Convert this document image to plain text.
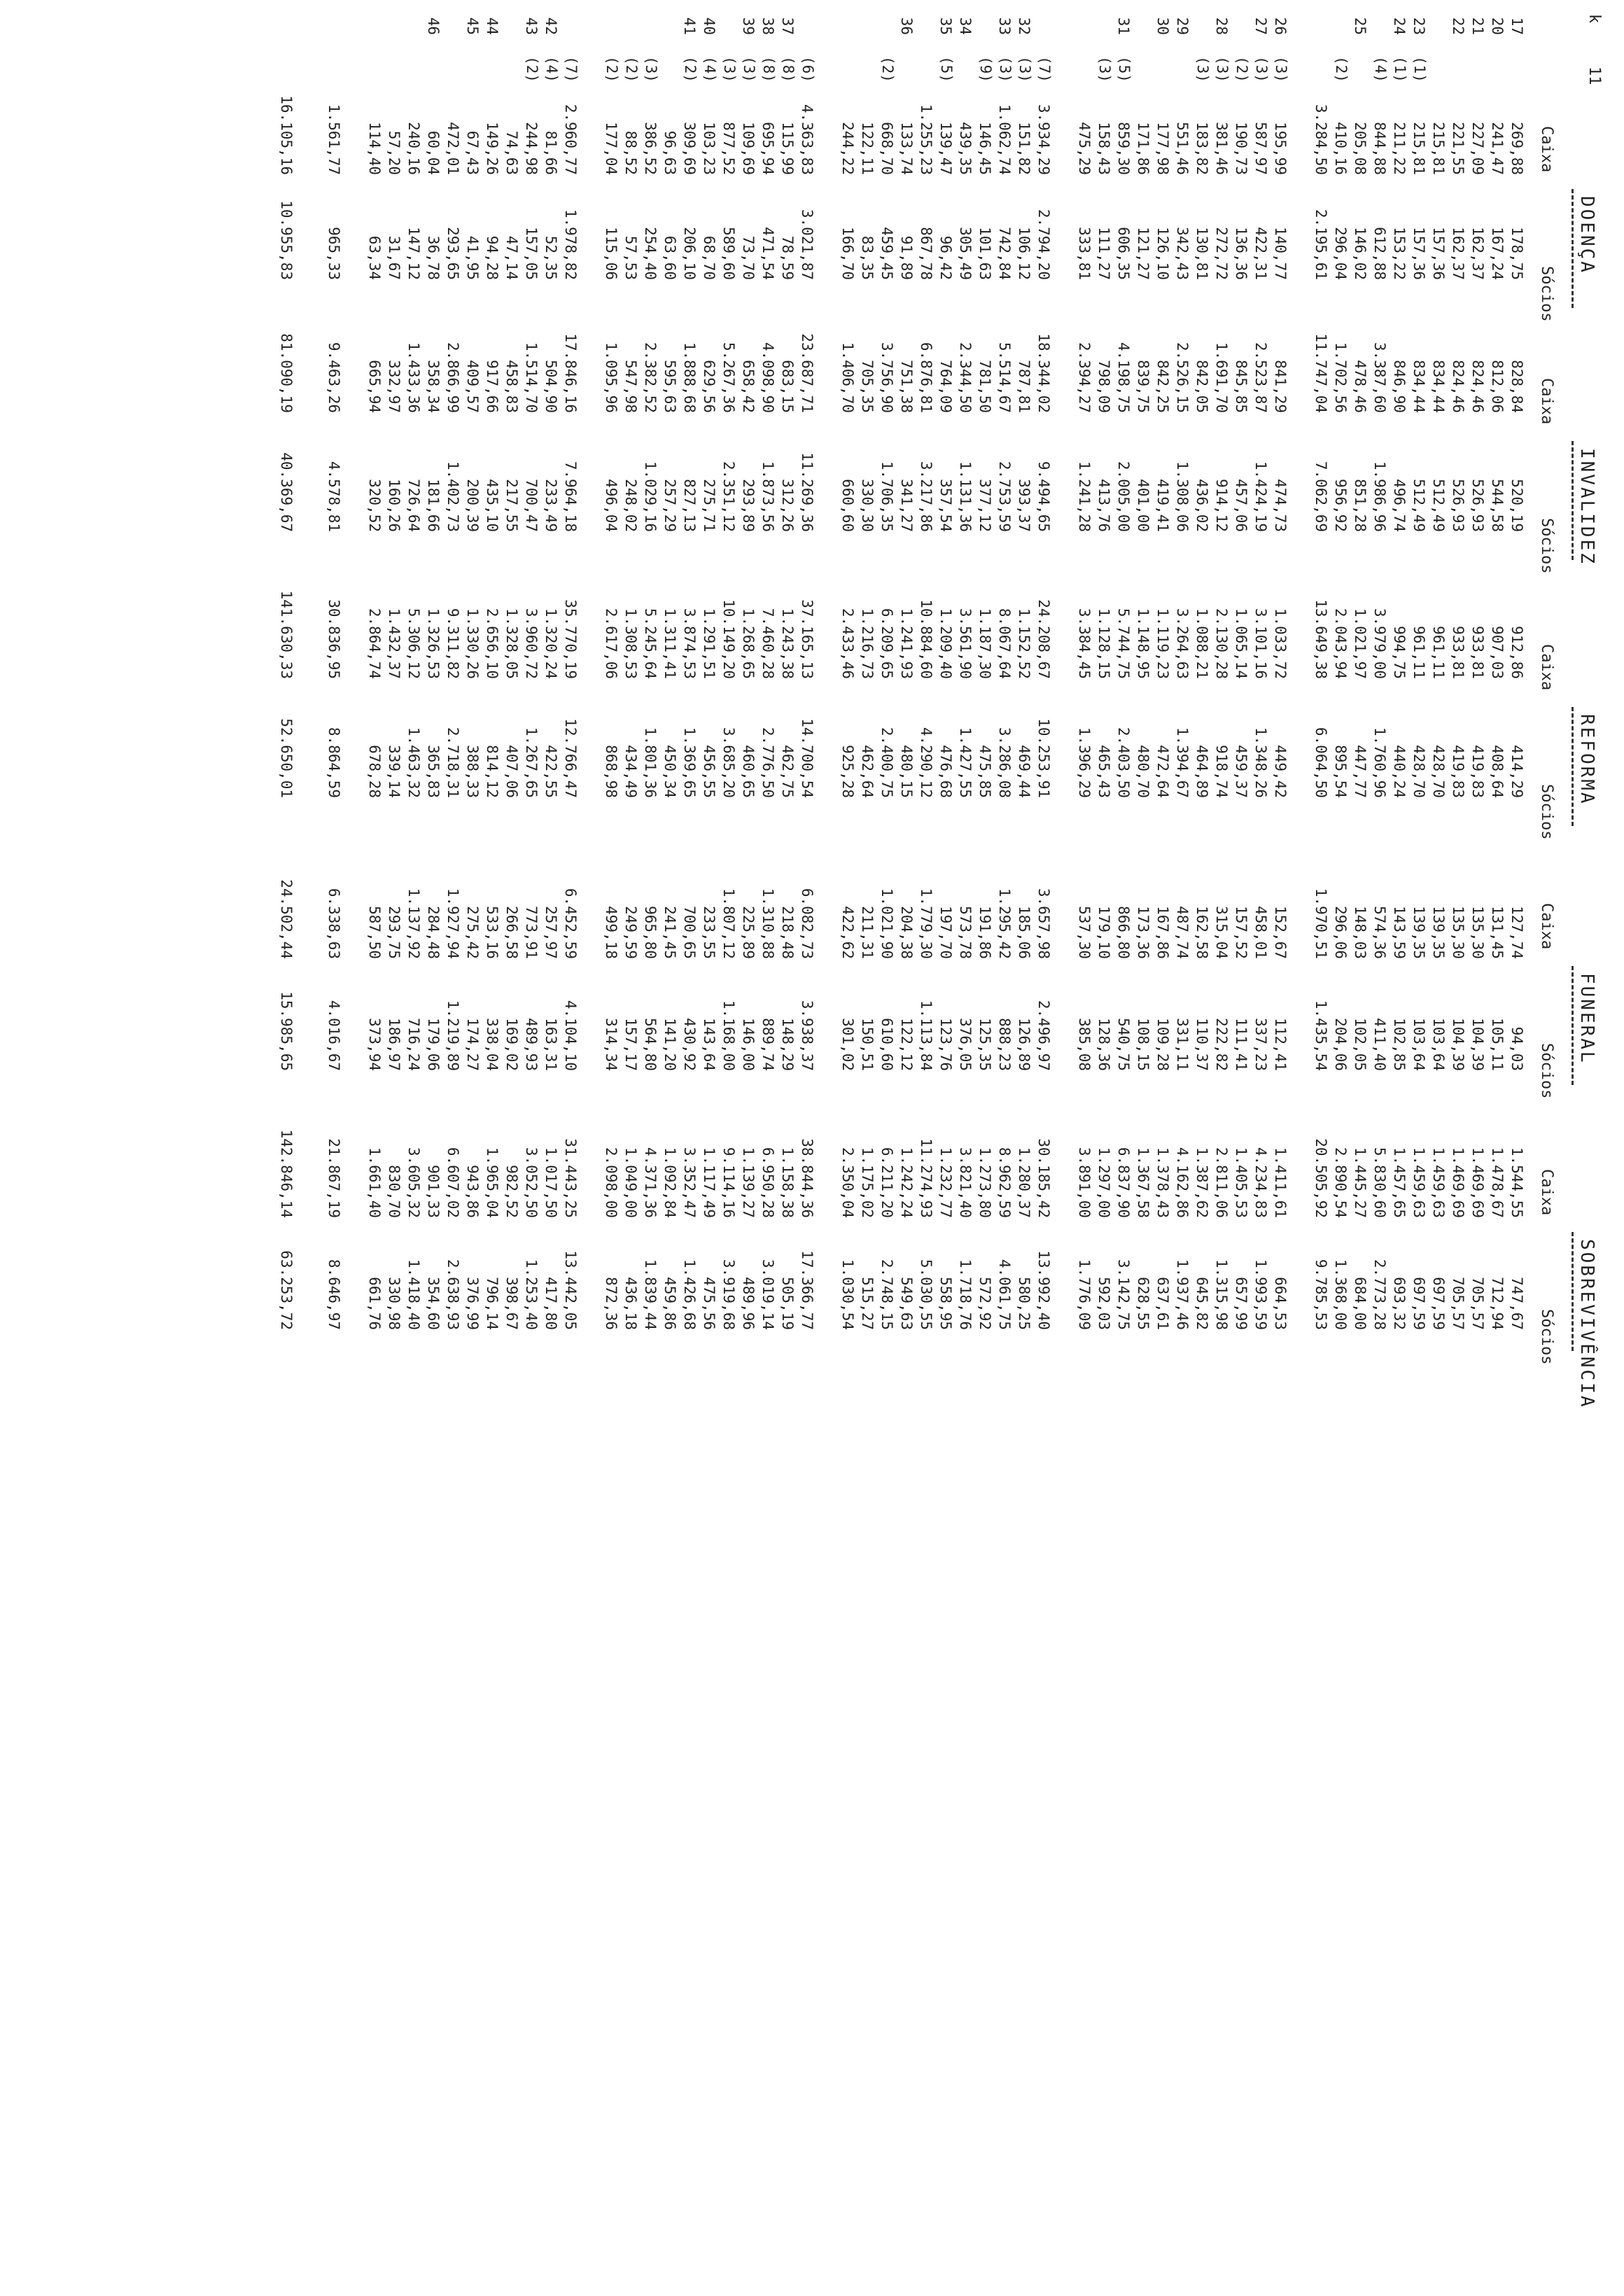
k
11
DOENÇA
Caixa
Sócios
INVALIDEZ
Caixa
Sócios
REFORMA
Caixa
Sócios
FUNERAL
Caixa
Sócios
SOBREVIVÊNCIA
Caixa
Sócios
269,88
241,47
227,09
221,55
215,81
215,81
211,22
844,88
205,08
410,16
3.284,50
195,99
587,97
190,73
381,46
183,82
551,46
177,98
171,86
859,30
158,43
475,29
3.934,29
151,82
1.062,74
146,45
439,35
139,47
1.255,23
133,74
668,70
122,11
244,22
4.363,83
115,99
695,94
109,69
877,52
103,23
309,69
96,63
386,52
88,52
177,04
2.960,77
81,66
244,98
74,63
149,26
67,43
472,01
60,04
240,16
57,20
114,40
1.561,77
16.105,16
178,75
167,24
162,37
162,37
157,36
157,36
153,22
612,88
146,02
296,04
2.195,61
140,77
422,31
136,36
272,72
130,81
342,43
126,10
121,27
606,35
111,27
333,81
2.794,20
106,12
742,84
101,63
305,49
96,42
867,78
91,89
459,45
83,35
166,70
3.021,87
78,59
471,54
73,70
589,60
68,70
206,10
63,60
254,40
57,53
115,06
1.978,82
52,35
157,05
47,14
94,28
41,95
293,65
36,78
147,12
31,67
63,34
965,33
10.955,83
828,84
812,06
824,46
824,46
834,44
834,44
846,90
3.387,60
478,46
1.702,56
11.747,04
841,29
2.523,87
845,85
1.691,70
842,05
2.526,15
842,25
839,75
4.198,75
798,09
2.394,27
18.344,02
787,81
5.514,67
781,50
2.344,50
764,09
6.876,81
751,38
3.756,90
705,35
1.406,70
23.687,71
683,15
4.098,90
658,42
5.267,36
629,56
1.888,68
595,63
2.382,52
547,98
1.095,96
17.846,16
504,90
1.514,70
458,83
917,66
409,57
2.866,99
358,34
1.433,36
332,97
665,94
9.463,26
81.090,19
520,19
544,58
526,93
526,93
512,49
512,49
496,74
1.986,96
851,28
956,92
7.062,69
474,73
1.424,19
457,06
914,12
436,02
1.308,06
419,41
401,00
2.005,00
413,76
1.241,28
9.494,65
393,37
2.753,59
377,12
1.131,36
357,54
3.217,86
341,27
1.706,35
330,30
660,60
11.269,36
312,26
1.873,56
293,89
2.351,12
275,71
827,13
257,29
1.029,16
248,02
496,04
7.964,18
233,49
700,47
217,55
435,10
200,39
1.402,73
181,66
726,64
160,26
320,52
4.578,81
40.369,67
912,86
907,03
933,81
933,81
961,11
961,11
994,75
3.979,00
1.021,97
2.043,94
13.649,38
1.033,72
3.101,16
1.065,14
2.130,28
1.088,21
3.264,63
1.119,23
1.148,95
5.744,75
1.128,15
3.384,45
24.208,67
1.152,52
8.067,64
1.187,30
3.561,90
1.209,40
10.884,60
1.241,93
6.209,65
1.216,73
2.433,46
37.165,13
1.243,38
7.460,28
1.268,65
10.149,20
1.291,51
3.874,53
1.311,41
5.245,64
1.308,53
2.617,06
35.770,19
1.320,24
3.960,72
1.328,05
2.656,10
1.330,26
9.311,82
1.326,53
5.306,12
1.432,37
2.864,74
30.836,95
141.630,33
414,29
408,64
419,83
419,83
428,70
428,70
440,24
1.760,96
447,77
895,54
6.064,50
449,42
1.348,26
459,37
918,74
464,89
1.394,67
472,64
480,70
2.403,50
465,43
1.396,29
10.253,91
469,44
3.286,08
475,85
1.427,55
476,68
4.290,12
480,15
2.400,75
462,64
925,28
14.700,54
462,75
2.776,50
460,65
3.685,20
456,55
1.369,65
450,34
1.801,36
434,49
868,98
12.766,47
422,55
1.267,65
407,06
814,12
388,33
2.718,31
365,83
1.463,32
339,14
678,28
8.864,59
52.650,01
127,74
131,45
135,30
135,30
139,35
139,35
143,59
574,36
148,03
296,06
1.970,51
152,67
458,01
157,52
315,04
162,58
487,74
167,86
173,36
866,80
179,10
537,30
3.657,98
185,06
1.295,42
191,86
573,78
197,70
1.779,30
204,38
1.021,90
211,31
422,62
6.082,73
218,48
1.310,88
225,89
1.807,12
233,55
700,65
241,45
965,80
249,59
499,18
6.452,59
257,97
773,91
266,58
533,16
275,42
1.927,94
284,48
1.137,92
293,75
587,50
6.338,63
24.502,44
94,03
105,11
104,39
104,39
103,64
103,64
102,85
411,40
102,05
204,06
1.435,54
112,41
337,23
111,41
222,82
110,37
331,11
109,28
108,15
540,75
128,36
385,08
2.496,97
126,89
888,23
125,35
376,05
123,76
1.113,84
122,12
610,60
150,51
301,02
3.938,37
148,29
889,74
146,00
1.168,00
143,64
430,92
141,20
564,80
157,17
314,34
4.104,10
163,31
489,93
169,02
338,04
174,27
1.219,89
179,06
716,24
186,97
373,94
4.016,67
15.985,65
1.544,55
1.478,67
1.469,69
1.469,69
1.459,63
1.459,63
1.457,65
5.830,60
1.445,27
2.890,54
20.505,92
1.411,61
4.234,83
1.405,53
2.811,06
1.387,62
4.162,86
1.378,43
1.367,58
6.837,90
1.297,00
3.891,00
30.185,42
1.280,37
8.962,59
1.273,80
3.821,40
1.232,77
11.274,93
1.242,24
6.211,20
1.175,02
2.350,04
38.844,36
1.158,38
6.950,28
1.139,27
9.114,16
1.117,49
3.352,47
1.092,84
4.371,36
1.049,00
2.098,00
31.443,25
1.017,50
3.052,50
982,52
1.965,04
943,86
6.607,02
901,33
3.605,32
830,70
1.661,40
21.867,19
142.846,14
747,67
712,94
705,57
705,57
697,59
697,59
693,32
2.773,28
684,00
1.368,00
9.785,53
664,53
1.993,59
657,99
1.315,98
645,82
1.937,46
637,61
628,55
3.142,75
592,03
1.776,09
13.992,40
580,25
4.061,75
572,92
1.718,76
558,95
5.030,55
549,63
2.748,15
515,27
1.030,54
17.366,77
505,19
3.019,14
489,96
3.919,68
475,56
1.426,68
459,86
1.839,44
436,18
872,36
13.442,05
417,80
1.253,40
398,67
796,14
376,99
2.638,93
354,60
1.418,40
330,98
661,76
8.646,97
63.253,72
17
20
21
22
23
24
25
26
27
28
29
30
31
32
33
34
35
36
37
38
39
40
41
42
43
44
45
46
(1)
(1)
(4)
(2)
(3)
(3)
(2)
(3)
(3)
(5)
(3)
(7)
(3)
(3)
(9)
(5)
(2)
(6)
(8)
(8)
(3)
(3)
(4)
(2)
(3)
(2)
(2)
(7)
(4)
(2)
